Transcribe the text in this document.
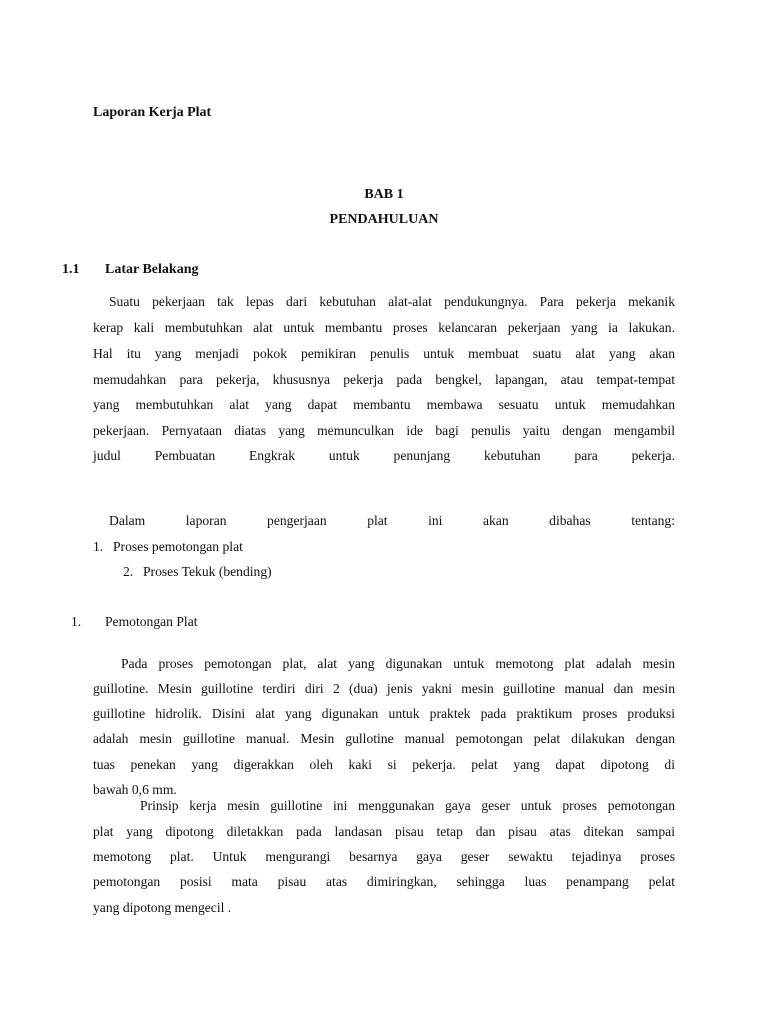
Laporan Kerja Plat
BAB 1
PENDAHULUAN
1.1 Latar Belakang
Suatu pekerjaan tak lepas dari kebutuhan alat-alat pendukungnya. Para pekerja mekanik
kerap kali membutuhkan alat untuk membantu proses kelancaran pekerjaan yang ia lakukan.
Hal itu yang menjadi pokok pemikiran penulis untuk membuat suatu alat yang akan
memudahkan para pekerja, khususnya pekerja pada bengkel, lapangan, atau tempat-tempat
yang membutuhkan alat yang dapat membantu membawa sesuatu untuk memudahkan
pekerjaan. Pernyataan diatas yang memunculkan ide bagi penulis yaitu dengan mengambil
judul Pembuatan Engkrak untuk penunjang kebutuhan para pekerja.
Dalam laporan pengerjaan plat ini akan dibahas tentang:
1. Proses pemotongan plat
2. Proses Tekuk (bending)
1. Pemotongan Plat
Pada proses pemotongan plat, alat yang digunakan untuk memotong plat adalah mesin
guillotine. Mesin guillotine terdiri diri 2 (dua) jenis yakni mesin guillotine manual dan mesin
guillotine hidrolik. Disini alat yang digunakan untuk praktek pada praktikum proses produksi
adalah mesin guillotine manual. Mesin gullotine manual pemotongan pelat dilakukan dengan
tuas penekan yang digerakkan oleh kaki si pekerja. pelat yang dapat dipotong di
bawah 0,6 mm.
Prinsip kerja mesin guillotine ini menggunakan gaya geser untuk proses pemotongan
plat yang dipotong diletakkan pada landasan pisau tetap dan pisau atas ditekan sampai
memotong plat. Untuk mengurangi besarnya gaya geser sewaktu tejadinya proses
pemotongan posisi mata pisau atas dimiringkan, sehingga luas penampang pelat
yang dipotong mengecil .
